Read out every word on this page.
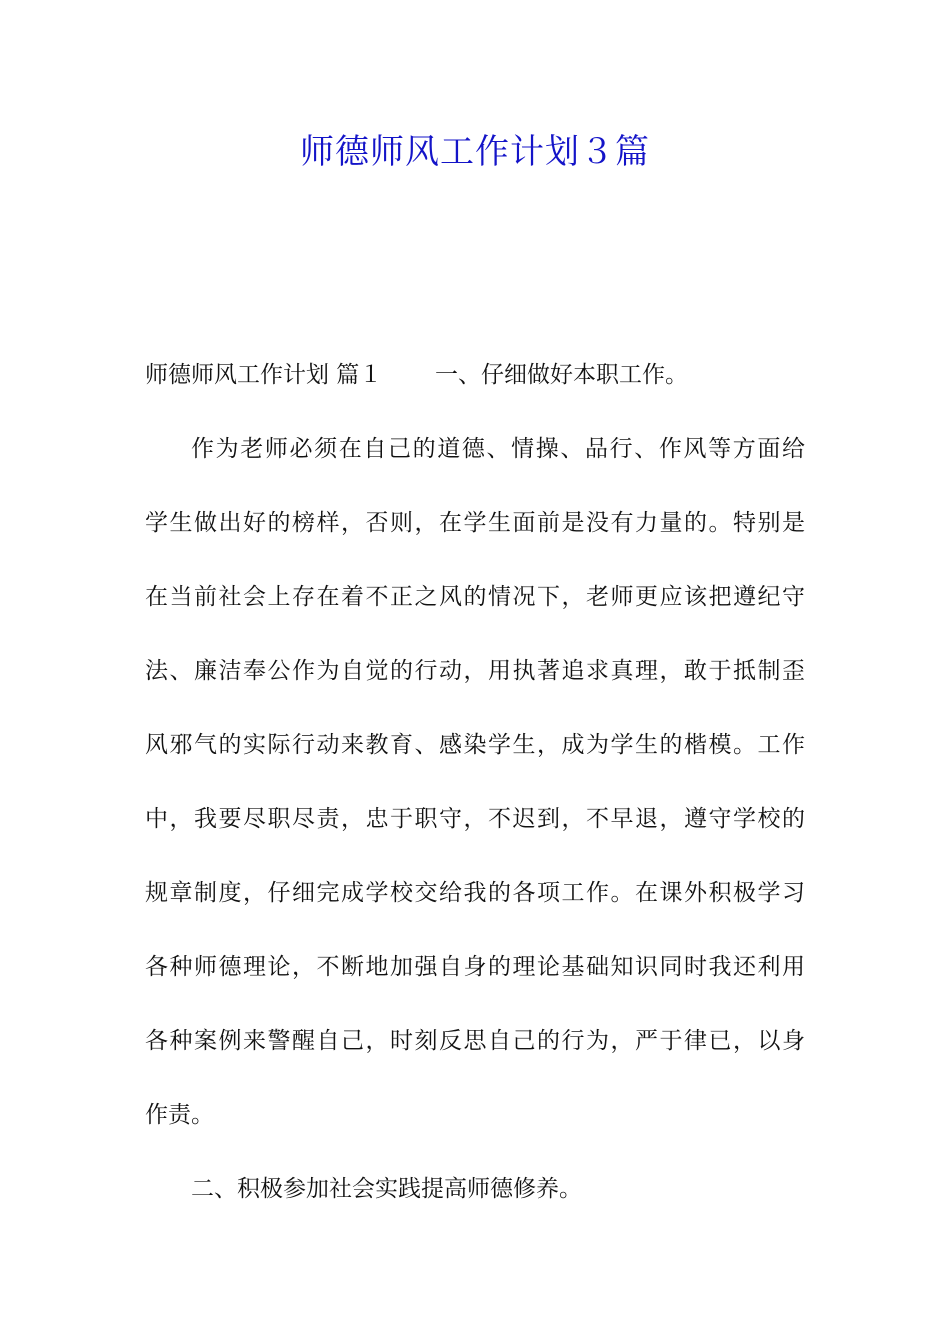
师德师风工作计划３篇

师德师风工作计划 篇１	一、仔细做好本职工作。

作为老师必须在自己的道德、情操、品行、作风等方面给

学生做出好的榜样，否则，在学生面前是没有力量的。特别是

在当前社会上存在着不正之风的情况下，老师更应该把遵纪守

法、廉洁奉公作为自觉的行动，用执著追求真理，敢于抵制歪

风邪气的实际行动来教育、感染学生，成为学生的楷模。工作

中，我要尽职尽责，忠于职守，不迟到，不早退，遵守学校的

规章制度，仔细完成学校交给我的各项工作。在课外积极学习

各种师德理论，不断地加强自身的理论基础知识同时我还利用

各种案例来警醒自己，时刻反思自己的行为，严于律已，以身

作责。

二、积极参加社会实践提高师德修养。
